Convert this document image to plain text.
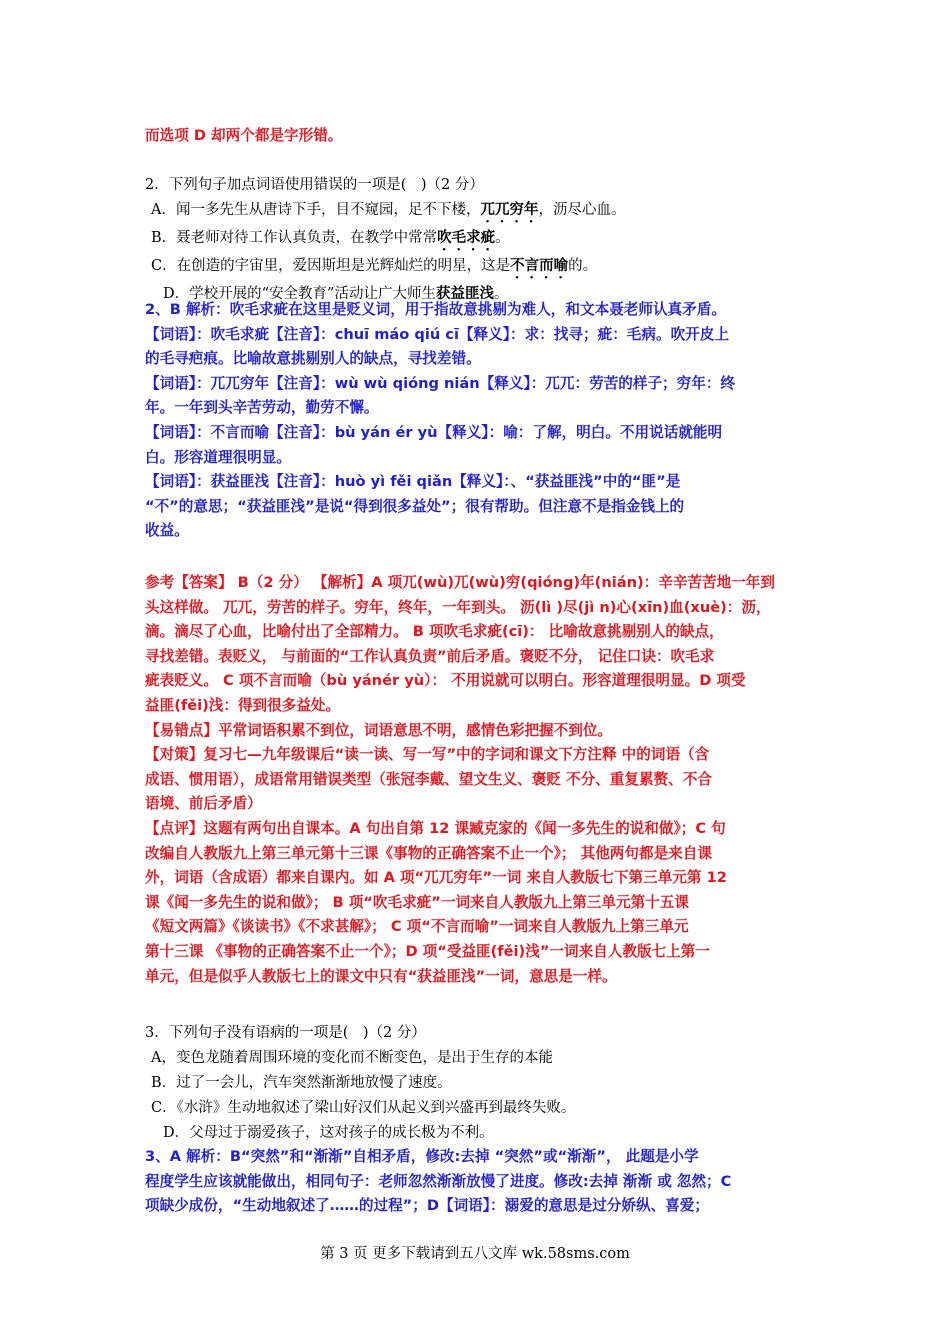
而选项 D 却两个都是字形错。
2．下列句子加点词语使用错误的一项是(　)（2 分）
A．闻一多先生从唐诗下手，目不窥园，足不下楼，兀兀穷年，沥尽心血。
B．聂老师对待工作认真负责，在教学中常常吹毛求疵。
C．在创造的宇宙里，爱因斯坦是光辉灿烂的明星，这是不言而喻的。
D．学校开展的“安全教育”活动让广大师生获益匪浅。
2、B 解析：吹毛求疵在这里是贬义词，用于指故意挑剔为难人，和文本聂老师认真矛盾。
【词语】：吹毛求疵【注音】：chuī máo qiú cī【释义】：求：找寻；疵：毛病。吹开皮上
的毛寻疤痕。比喻故意挑剔别人的缺点，寻找差错。
【词语】：兀兀穷年【注音】：wù wù qióng nián【释义】：兀兀：劳苦的样子；穷年：终
年。一年到头辛苦劳动，勤劳不懈。
【词语】：不言而喻【注音】：bù yán ér yù【释义】：喻：了解，明白。不用说话就能明
白。形容道理很明显。
【词语】：获益匪浅【注音】：huò yì fěi qiǎn【释义】：、“获益匪浅”中的“匪”是
“不”的意思；“获益匪浅”是说“得到很多益处”；很有帮助。但注意不是指金钱上的
收益。
参考【答案】 B（2 分） 【解析】A 项兀(wù)兀(wù)穷(qióng)年(nián)：辛辛苦苦地一年到
头这样做。 兀兀，劳苦的样子。穷年，终年，一年到头。 沥(lì )尽(jì n)心(xīn)血(xuè)：沥，
滴。滴尽了心血，比喻付出了全部精力。 B 项吹毛求疵(cī)： 比喻故意挑剔别人的缺点，
寻找差错。表贬义， 与前面的“工作认真负责”前后矛盾。褒贬不分， 记住口诀：吹毛求
疵表贬义。 C 项不言而喻（bù yánér yù）： 不用说就可以明白。形容道理很明显。D 项受
益匪(fěi)浅：得到很多益处。
【易错点】平常词语积累不到位，词语意思不明，感情色彩把握不到位。
【对策】复习七—九年级课后“读一读、写一写”中的字词和课文下方注释 中的词语（含
成语、惯用语），成语常用错误类型（张冠李戴、望文生义、褒贬 不分、重复累赘、不合
语境、前后矛盾）
【点评】这题有两句出自课本。A 句出自第 12 课臧克家的《闻一多先生的说和做》；C 句
改编自人教版九上第三单元第十三课《事物的正确答案不止一个》； 其他两句都是来自课
外，词语（含成语）都来自课内。如 A 项“兀兀穷年”一词 来自人教版七下第三单元第 12
课《闻一多先生的说和做》； B 项“吹毛求疵”一词来自人教版九上第三单元第十五课
《短文两篇》《谈读书》《不求甚解》； C 项“不言而喻”一词来自人教版九上第三单元
第十三课 《事物的正确答案不止一个》；D 项“受益匪(fěi)浅”一词来自人教版七上第一
单元，但是似乎人教版七上的课文中只有“获益匪浅”一词，意思是一样。
3．下列句子没有语病的一项是(　)（2 分）
A，变色龙随着周围环境的变化而不断变色，是出于生存的本能
B．过了一会儿，汽车突然渐渐地放慢了速度。
C．《水浒》生动地叙述了梁山好汉们从起义到兴盛再到最终失败。
D．父母过于溺爱孩子，这对孩子的成长极为不利。
3、A 解析：B“突然”和“渐渐”自相矛盾，修改:去掉 “突然”或“渐渐”， 此题是小学
程度学生应该就能做出，相同句子：老师忽然渐渐放慢了进度。修改:去掉 渐渐 或 忽然；C
项缺少成份，“生动地叙述了……的过程”；D【词语】：溺爱的意思是过分娇纵、喜爱；
第 3 页 更多下载请到五八文库 wk.58sms.com
